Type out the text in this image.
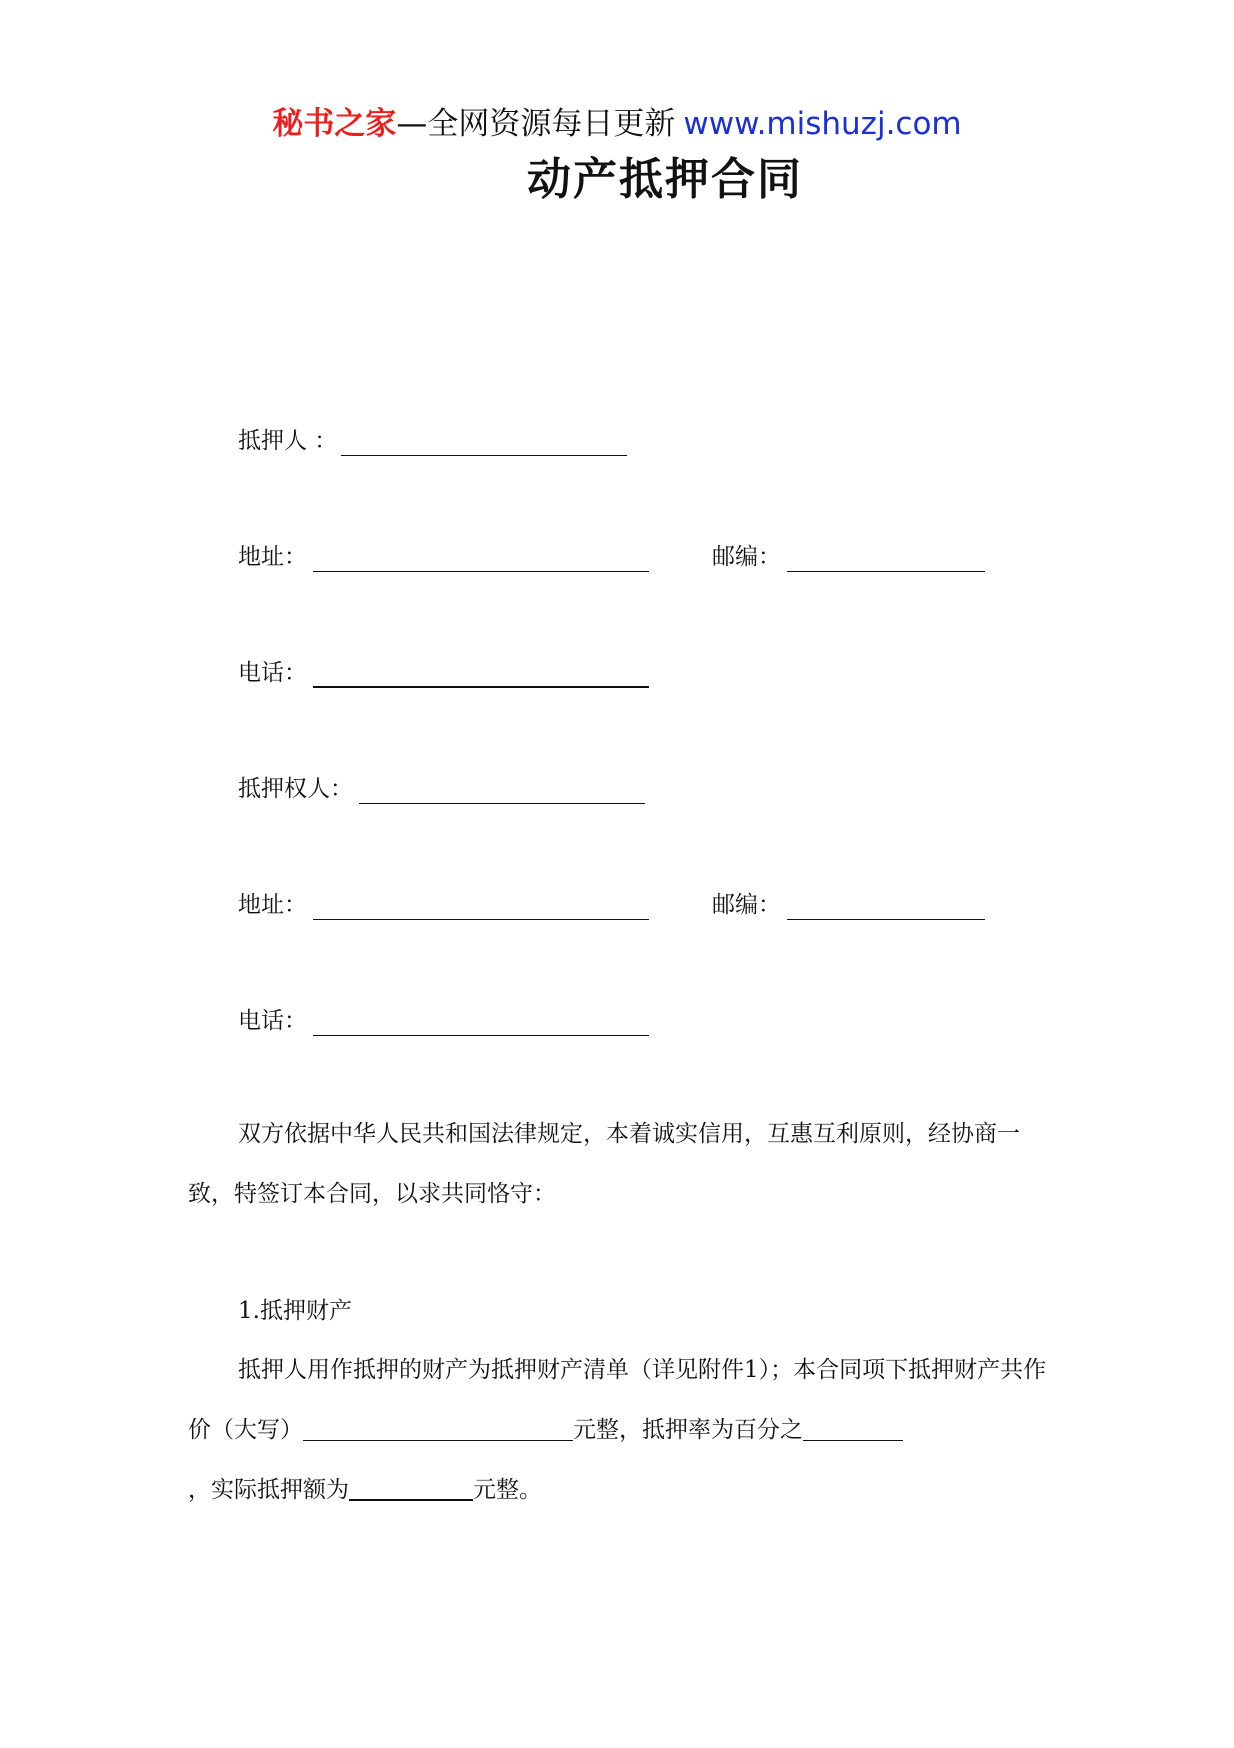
秘书之家—全网资源每日更新 www.mishuzj.com
动产抵押合同
抵押人 ：
地址：	邮编：
电话：
抵押权人：
地址：	邮编：
电话：
双方依据中华人民共和国法律规定，本着诚实信用，互惠互利原则，经协商一致，特签订本合同，以求共同恪守：
1.抵押财产
抵押人用作抵押的财产为抵押财产清单（详见附件1）；本合同项下抵押财产共作价（大写）	元整，抵押率为百分之
，实际抵押额为	元整。
